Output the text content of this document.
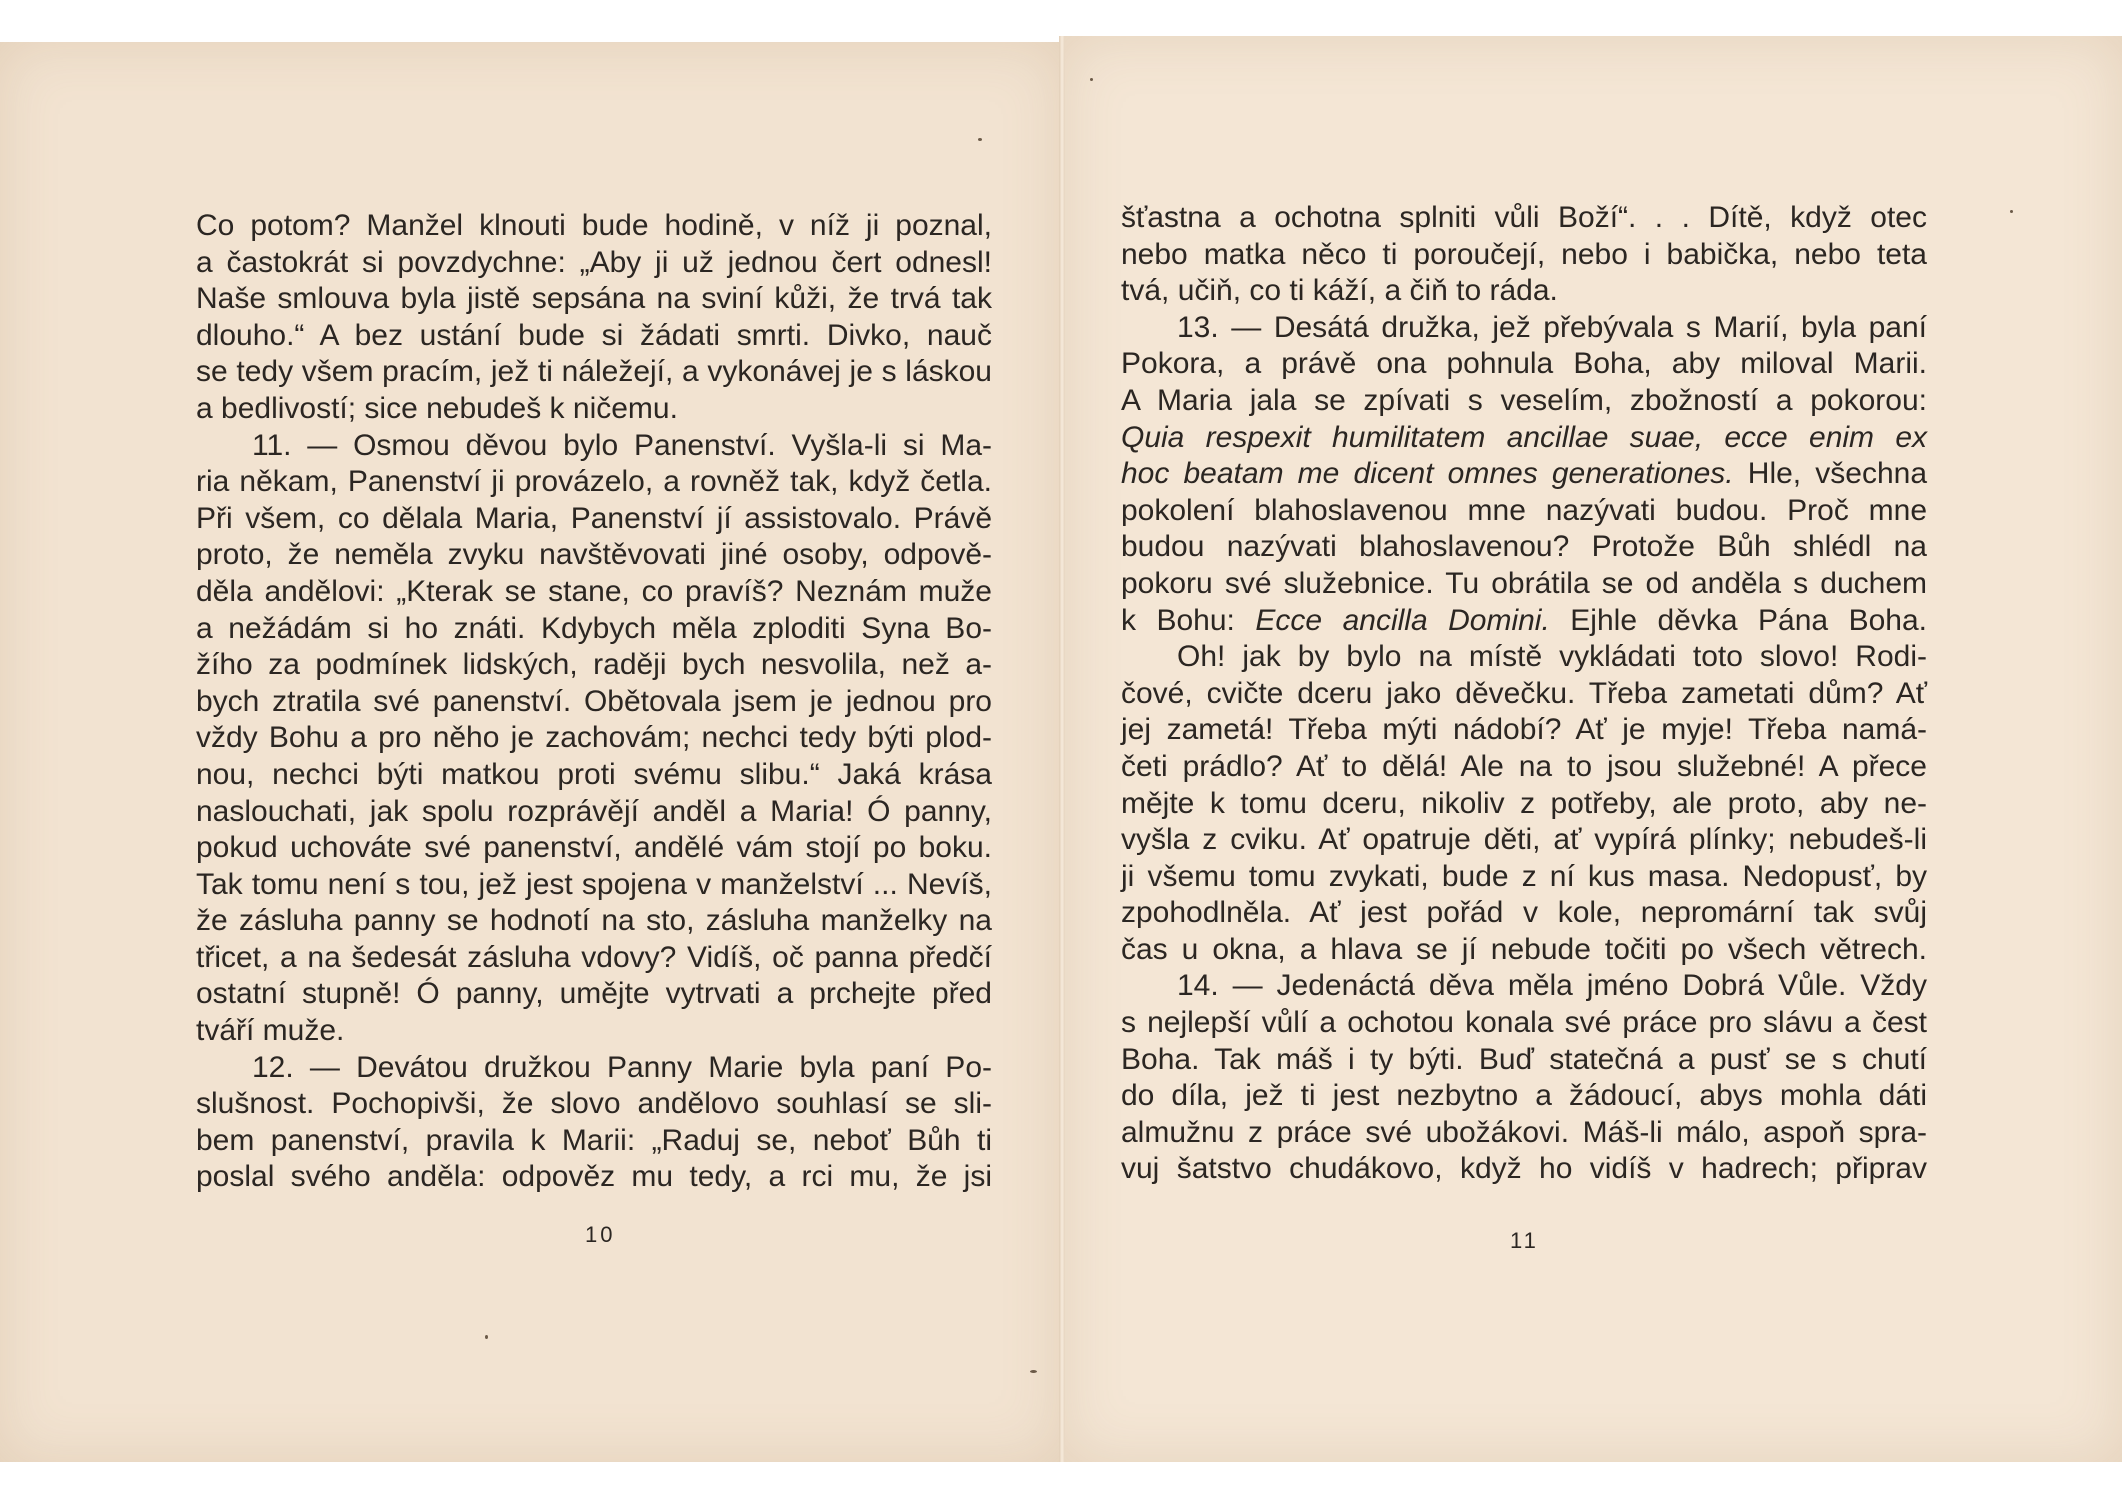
Co potom? Manžel klnouti bude hodině, v níž ji poznal,
a častokrát si povzdychne: „Aby ji už jednou čert odnesl!
Naše smlouva byla jistě sepsána na sviní kůži, že trvá tak
dlouho.“ A bez ustání bude si žádati smrti. Divko, nauč
se tedy všem pracím, jež ti náležejí, a vykonávej je s láskou
a bedlivostí; sice nebudeš k ničemu.
11. — Osmou děvou bylo Panenství. Vyšla-li si Ma-
ria někam, Panenství ji provázelo, a rovněž tak, když četla.
Při všem, co dělala Maria, Panenství jí assistovalo. Právě
proto, že neměla zvyku navštěvovati jiné osoby, odpově-
děla andělovi: „Kterak se stane, co pravíš? Neznám muže
a nežádám si ho znáti. Kdybych měla zploditi Syna Bo-
žího za podmínek lidských, raději bych nesvolila, než a-
bych ztratila své panenství. Obětovala jsem je jednou pro
vždy Bohu a pro něho je zachovám; nechci tedy býti plod-
nou, nechci býti matkou proti svému slibu.“ Jaká krása
naslouchati, jak spolu rozprávějí anděl a Maria! Ó panny,
pokud uchováte své panenství, andělé vám stojí po boku.
Tak tomu není s tou, jež jest spojena v manželství ... Nevíš,
že zásluha panny se hodnotí na sto, zásluha manželky na
třicet, a na šedesát zásluha vdovy? Vidíš, oč panna předčí
ostatní stupně! Ó panny, umějte vytrvati a prchejte před
tváří muže.
12. — Devátou družkou Panny Marie byla paní Po-
slušnost. Pochopivši, že slovo andělovo souhlasí se sli-
bem panenství, pravila k Marii: „Raduj se, neboť Bůh ti
poslal svého anděla: odpověz mu tedy, a rci mu, že jsi
10
šťastna a ochotna splniti vůli Boží“. . . Dítě, když otec
nebo matka něco ti poroučejí, nebo i babička, nebo teta
tvá, učiň, co ti káží, a čiň to ráda.
13. — Desátá družka, jež přebývala s Marií, byla paní
Pokora, a právě ona pohnula Boha, aby miloval Marii.
A Maria jala se zpívati s veselím, zbožností a pokorou:
Quia respexit humilitatem ancillae suae, ecce enim ex
hoc beatam me dicent omnes generationes. Hle, všechna
pokolení blahoslavenou mne nazývati budou. Proč mne
budou nazývati blahoslavenou? Protože Bůh shlédl na
pokoru své služebnice. Tu obrátila se od anděla s duchem
k Bohu: Ecce ancilla Domini. Ejhle děvka Pána Boha.
Oh! jak by bylo na místě vykládati toto slovo! Rodi-
čové, cvičte dceru jako děvečku. Třeba zametati dům? Ať
jej zametá! Třeba mýti nádobí? Ať je myje! Třeba namá-
četi prádlo? Ať to dělá! Ale na to jsou služebné! A přece
mějte k tomu dceru, nikoliv z potřeby, ale proto, aby ne-
vyšla z cviku. Ať opatruje děti, ať vypírá plínky; nebudeš-li
ji všemu tomu zvykati, bude z ní kus masa. Nedopusť, by
zpohodlněla. Ať jest pořád v kole, nepromární tak svůj
čas u okna, a hlava se jí nebude točiti po všech větrech.
14. — Jedenáctá děva měla jméno Dobrá Vůle. Vždy
s nejlepší vůlí a ochotou konala své práce pro slávu a čest
Boha. Tak máš i ty býti. Buď statečná a pusť se s chutí
do díla, jež ti jest nezbytno a žádoucí, abys mohla dáti
almužnu z práce své ubožákovi. Máš-li málo, aspoň spra-
vuj šatstvo chudákovo, když ho vidíš v hadrech; připrav
11
